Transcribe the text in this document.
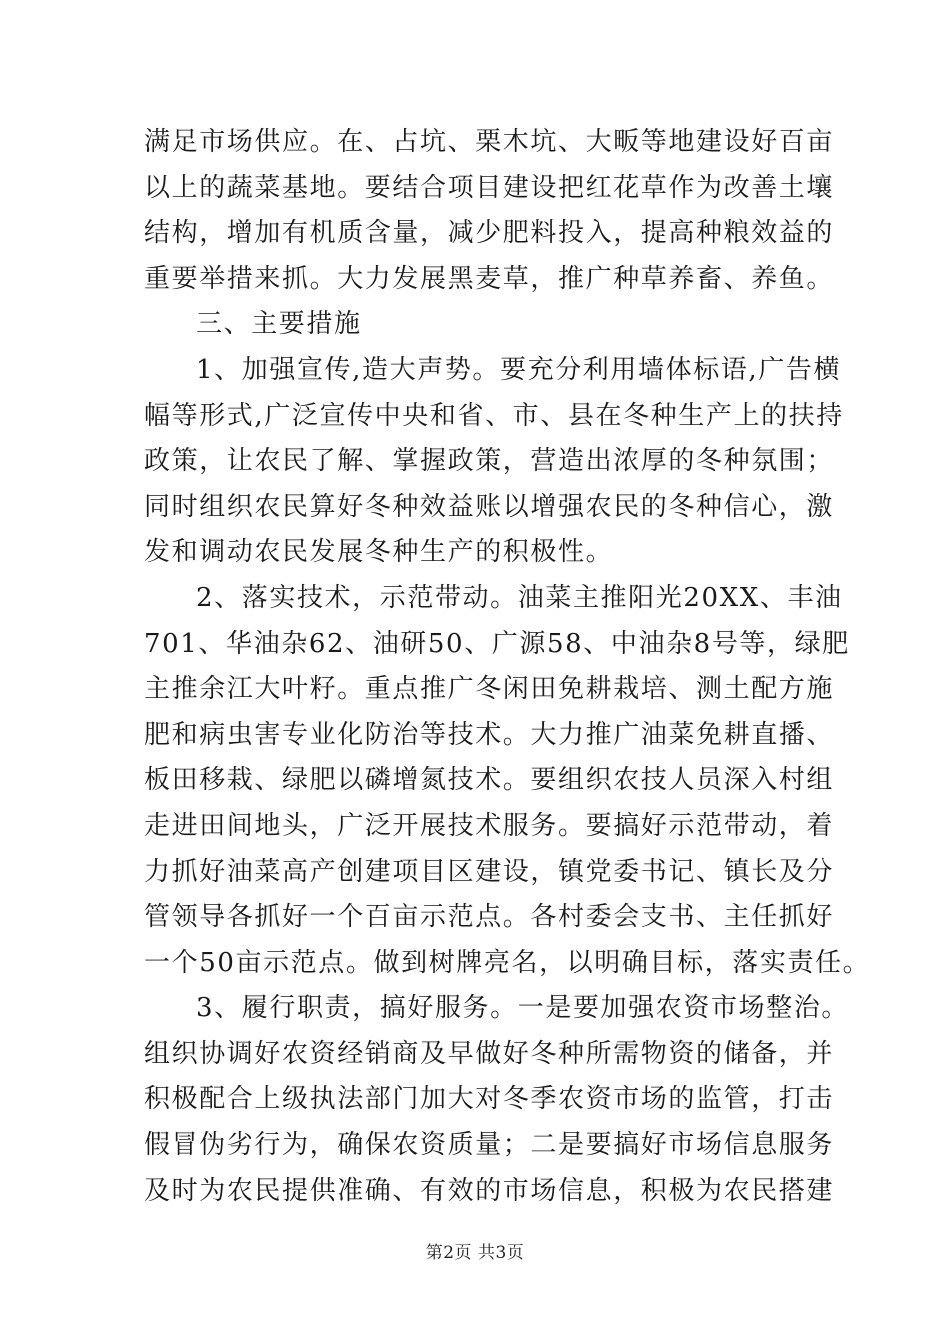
满足市场供应。在、占坑、栗木坑、大畈等地建设好百亩
以上的蔬菜基地。要结合项目建设把红花草作为改善土壤
结构，增加有机质含量，减少肥料投入，提高种粮效益的
重要举措来抓。大力发展黑麦草，推广种草养畜、养鱼。
三、主要措施
1、加强宣传,造大声势。要充分利用墙体标语,广告横
幅等形式,广泛宣传中央和省、市、县在冬种生产上的扶持
政策，让农民了解、掌握政策，营造出浓厚的冬种氛围；
同时组织农民算好冬种效益账以增强农民的冬种信心，激
发和调动农民发展冬种生产的积极性。
2、落实技术，示范带动。油菜主推阳光20XX、丰油
701、华油杂62、油研50、广源58、中油杂8号等，绿肥
主推余江大叶籽。重点推广冬闲田免耕栽培、测土配方施
肥和病虫害专业化防治等技术。大力推广油菜免耕直播、
板田移栽、绿肥以磷增氮技术。要组织农技人员深入村组
走进田间地头，广泛开展技术服务。要搞好示范带动，着
力抓好油菜高产创建项目区建设，镇党委书记、镇长及分
管领导各抓好一个百亩示范点。各村委会支书、主任抓好
一个50亩示范点。做到树牌亮名，以明确目标，落实责任。
3、履行职责，搞好服务。一是要加强农资市场整治。
组织协调好农资经销商及早做好冬种所需物资的储备，并
积极配合上级执法部门加大对冬季农资市场的监管，打击
假冒伪劣行为，确保农资质量；二是要搞好市场信息服务
及时为农民提供准确、有效的市场信息，积极为农民搭建
第2页 共3页
